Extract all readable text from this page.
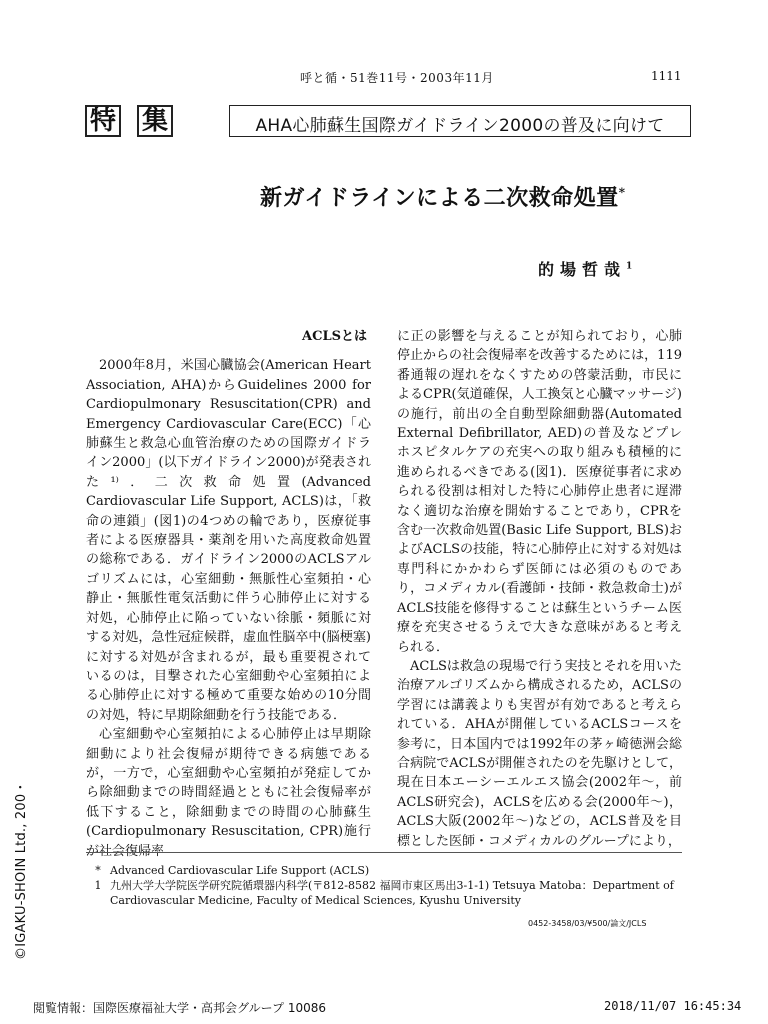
呼と循・51巻11号・2003年11月	1111
特 集	AHA心肺蘇生国際ガイドライン2000の普及に向けて
新ガイドラインによる二次救命処置*
的場哲哉$^1$
ACLSとは

2000年8月，米国心臓協会(American Heart Association, AHA)からGuidelines 2000 for Cardiopulmonary Resuscitation(CPR) and Emergency Cardiovascular Care(ECC)「心肺蘇生と救急心血管治療のための国際ガイドライン2000」(以下ガイドライン2000)が発表された¹⁾．二次救命処置(Advanced Cardiovascular Life Support, ACLS)は，「救命の連鎖」(図1)の4つめの輪であり，医療従事者による医療器具・薬剤を用いた高度救命処置の総称である．ガイドライン2000のACLSアルゴリズムには，心室細動・無脈性心室頻拍・心静止・無脈性電気活動に伴う心肺停止に対する対処，心肺停止に陥っていない徐脈・頻脈に対する対処，急性冠症候群，虚血性脳卒中(脳梗塞)に対する対処が含まれるが，最も重要視されているのは，目撃された心室細動や心室頻拍による心肺停止に対する極めて重要な始めの10分間の対処，特に早期除細動を行う技能である．

心室細動や心室頻拍による心肺停止は早期除細動により社会復帰が期待できる病態であるが，一方で，心室細動や心室頻拍が発症してから除細動までの時間経過とともに社会復帰率が低下すること，除細動までの時間の心肺蘇生(Cardiopulmonary Resuscitation, CPR)施行が社会復帰率

に正の影響を与えることが知られており，心肺停止からの社会復帰率を改善するためには，119番通報の遅れをなくすための啓蒙活動，市民によるCPR(気道確保，人工換気と心臓マッサージ)の施行，前出の全自動型除細動器(Automated External Defibrillator, AED)の普及などプレホスピタルケアの充実への取り組みも積極的に進められるべきである(図1)．医療従事者に求められる役割は相対した特に心肺停止患者に遅滞なく適切な治療を開始することであり，CPRを含む一次救命処置(Basic Life Support, BLS)およびACLSの技能，特に心肺停止に対する対処は専門科にかかわらず医師には必須のものであり，コメディカル(看護師・技師・救急救命士)がACLS技能を修得することは蘇生というチーム医療を充実させるうえで大きな意味があると考えられる．

ACLSは救急の現場で行う実技とそれを用いた治療アルゴリズムから構成されるため，ACLSの学習には講義よりも実習が有効であると考えられている．AHAが開催しているACLSコースを参考に，日本国内では1992年の茅ヶ崎徳洲会総合病院でACLSが開催されたのを先駆けとして，現在日本エーシーエルエス協会(2002年〜，前ACLS研究会)，ACLSを広める会(2000年〜)，ACLS大阪(2002年〜)などの，ACLS普及を目標とした医師・コメディカルのグループにより，

* Advanced Cardiovascular Life Support (ACLS)
1 九州大学大学院医学研究院循環器内科学(〒812-8582 福岡市東区馬出3-1-1) Tetsuya Matoba：Department of Cardiovascular Medicine, Faculty of Medical Sciences, Kyushu University
0452-3458/03/¥500/論文/JCLS
©IGAKU-SHOIN Ltd., 200・
閲覧情報：国際医療福祉大学・高邦会グループ 10086	2018/11/07 16:45:34
